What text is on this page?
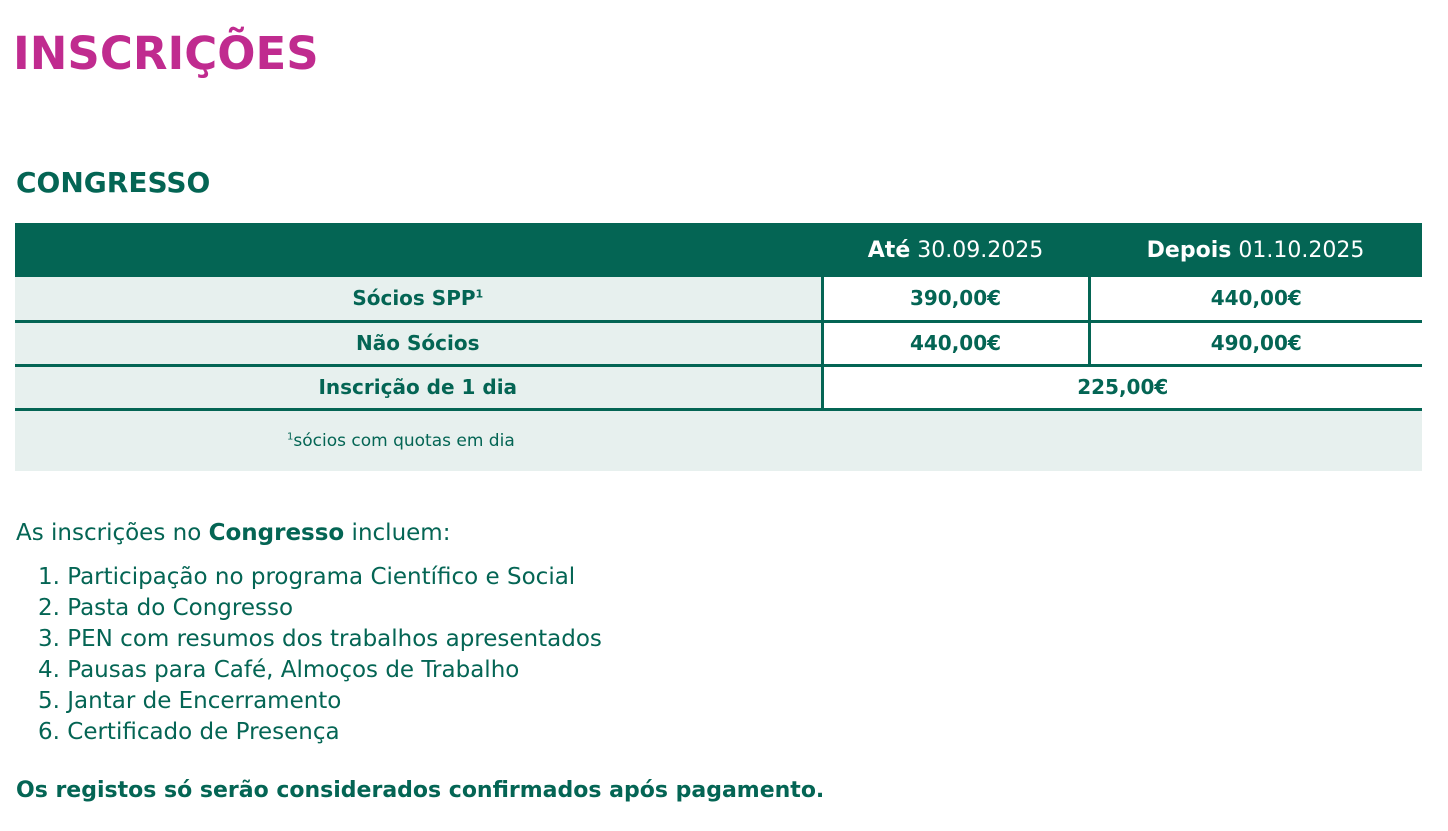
INSCRIÇÕES
CONGRESSO
	Até 30.09.2025	Depois 01.10.2025
Sócios SPP$^1$	390,00€	440,00€
Não Sócios	440,00€	490,00€
Inscrição de 1 dia	225,00€	
$^1$sócios com quotas em dia		

As inscrições no Congresso incluem:

1. Participação no programa Científico e Social
2. Pasta do Congresso
3. PEN com resumos dos trabalhos apresentados
4. Pausas para Café, Almoços de Trabalho
5. Jantar de Encerramento
6. Certificado de Presença

Os registos só serão considerados confirmados após pagamento.
